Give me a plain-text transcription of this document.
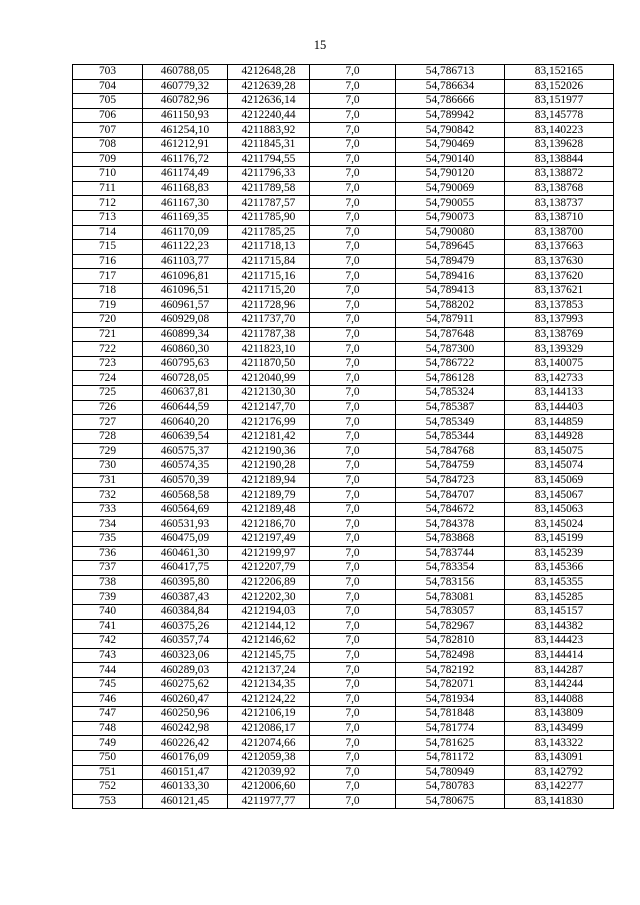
15
703	460788,05	4212648,28	7,0	54,786713	83,152165
704	460779,32	4212639,28	7,0	54,786634	83,152026
705	460782,96	4212636,14	7,0	54,786666	83,151977
706	461150,93	4212240,44	7,0	54,789942	83,145778
707	461254,10	4211883,92	7,0	54,790842	83,140223
708	461212,91	4211845,31	7,0	54,790469	83,139628
709	461176,72	4211794,55	7,0	54,790140	83,138844
710	461174,49	4211796,33	7,0	54,790120	83,138872
711	461168,83	4211789,58	7,0	54,790069	83,138768
712	461167,30	4211787,57	7,0	54,790055	83,138737
713	461169,35	4211785,90	7,0	54,790073	83,138710
714	461170,09	4211785,25	7,0	54,790080	83,138700
715	461122,23	4211718,13	7,0	54,789645	83,137663
716	461103,77	4211715,84	7,0	54,789479	83,137630
717	461096,81	4211715,16	7,0	54,789416	83,137620
718	461096,51	4211715,20	7,0	54,789413	83,137621
719	460961,57	4211728,96	7,0	54,788202	83,137853
720	460929,08	4211737,70	7,0	54,787911	83,137993
721	460899,34	4211787,38	7,0	54,787648	83,138769
722	460860,30	4211823,10	7,0	54,787300	83,139329
723	460795,63	4211870,50	7,0	54,786722	83,140075
724	460728,05	4212040,99	7,0	54,786128	83,142733
725	460637,81	4212130,30	7,0	54,785324	83,144133
726	460644,59	4212147,70	7,0	54,785387	83,144403
727	460640,20	4212176,99	7,0	54,785349	83,144859
728	460639,54	4212181,42	7,0	54,785344	83,144928
729	460575,37	4212190,36	7,0	54,784768	83,145075
730	460574,35	4212190,28	7,0	54,784759	83,145074
731	460570,39	4212189,94	7,0	54,784723	83,145069
732	460568,58	4212189,79	7,0	54,784707	83,145067
733	460564,69	4212189,48	7,0	54,784672	83,145063
734	460531,93	4212186,70	7,0	54,784378	83,145024
735	460475,09	4212197,49	7,0	54,783868	83,145199
736	460461,30	4212199,97	7,0	54,783744	83,145239
737	460417,75	4212207,79	7,0	54,783354	83,145366
738	460395,80	4212206,89	7,0	54,783156	83,145355
739	460387,43	4212202,30	7,0	54,783081	83,145285
740	460384,84	4212194,03	7,0	54,783057	83,145157
741	460375,26	4212144,12	7,0	54,782967	83,144382
742	460357,74	4212146,62	7,0	54,782810	83,144423
743	460323,06	4212145,75	7,0	54,782498	83,144414
744	460289,03	4212137,24	7,0	54,782192	83,144287
745	460275,62	4212134,35	7,0	54,782071	83,144244
746	460260,47	4212124,22	7,0	54,781934	83,144088
747	460250,96	4212106,19	7,0	54,781848	83,143809
748	460242,98	4212086,17	7,0	54,781774	83,143499
749	460226,42	4212074,66	7,0	54,781625	83,143322
750	460176,09	4212059,38	7,0	54,781172	83,143091
751	460151,47	4212039,92	7,0	54,780949	83,142792
752	460133,30	4212006,60	7,0	54,780783	83,142277
753	460121,45	4211977,77	7,0	54,780675	83,141830
